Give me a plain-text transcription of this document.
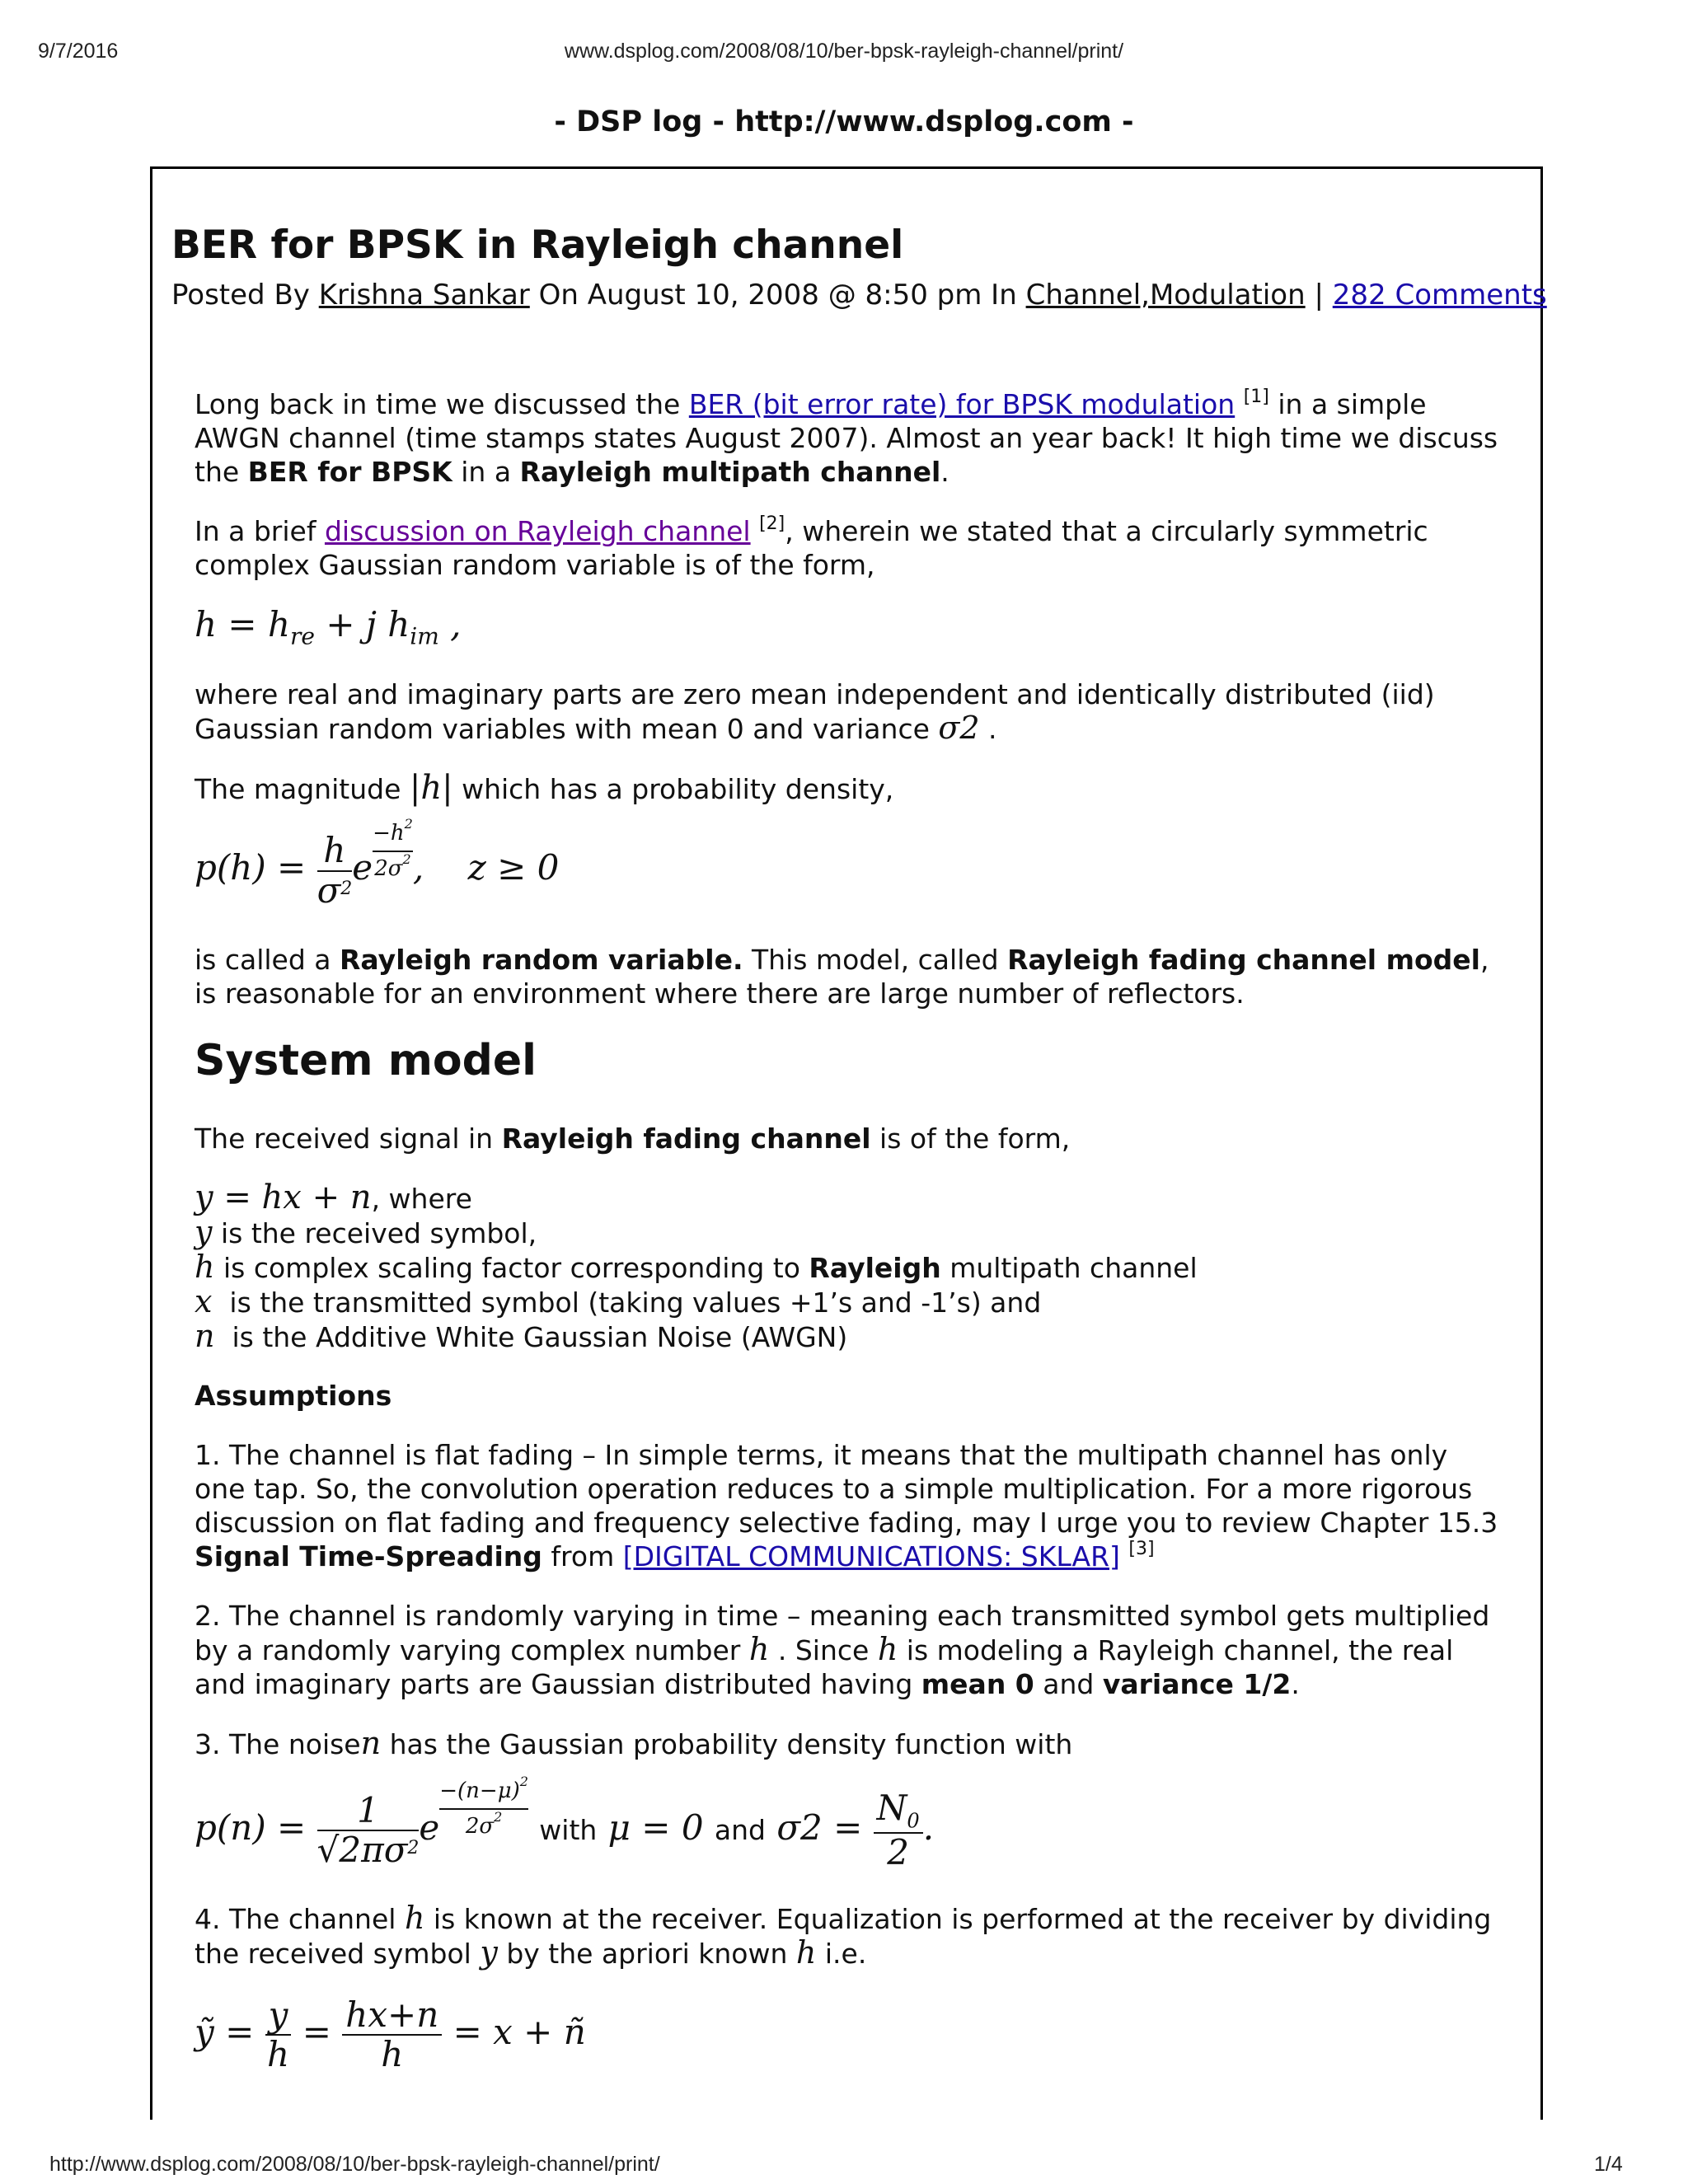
9/7/2016	www.dsplog.com/2008/08/10/ber-bpsk-rayleigh-channel/print/
- DSP log - http://www.dsplog.com -
BER for BPSK in Rayleigh channel
Posted By Krishna Sankar On August 10, 2008 @ 8:50 pm In Channel,Modulation | 282 Comments

Long back in time we discussed the BER (bit error rate) for BPSK modulation [1] in a simple AWGN channel (time stamps states August 2007). Almost an year back! It high time we discuss the BER for BPSK in a Rayleigh multipath channel.

In a brief discussion on Rayleigh channel [2], wherein we stated that a circularly symmetric complex Gaussian random variable is of the form,

$h = h_{re} + j$ $h_{im}$ ,

where real and imaginary parts are zero mean independent and identically distributed (iid) Gaussian random variables with mean 0 and variance σ2 .

The magnitude |h| which has a probability density,

$p(h) = \frac{h}{\sigma^2}$ e $\frac{-h^2}{2\sigma^2}$ ,    z ≥ 0

is called a Rayleigh random variable. This model, called Rayleigh fading channel model, is reasonable for an environment where there are large number of reflectors.

System model

The received signal in Rayleigh fading channel is of the form,

y = hx + n, where
y is the received symbol,
h is complex scaling factor corresponding to Rayleigh multipath channel
x is the transmitted symbol (taking values +1’s and -1’s) and
n is the Additive White Gaussian Noise (AWGN)

Assumptions

1. The channel is flat fading – In simple terms, it means that the multipath channel has only one tap. So, the convolution operation reduces to a simple multiplication. For a more rigorous discussion on flat fading and frequency selective fading, may I urge you to review Chapter 15.3 Signal Time-Spreading from [DIGITAL COMMUNICATIONS: SKLAR] [3]

2. The channel is randomly varying in time – meaning each transmitted symbol gets multiplied by a randomly varying complex number h . Since h is modeling a Rayleigh channel, the real and imaginary parts are Gaussian distributed having mean 0 and variance 1/2.

3. The noisen has the Gaussian probability density function with

$p(n) = \frac{1}{√2\pi\sigma^2}$ e $\frac{-(n-\mu)^2}{2\sigma^2}$ with μ = 0 and $\sigma 2 = \frac{N_0}{2}$ .

4. The channel h is known at the receiver. Equalization is performed at the receiver by dividing the received symbol y by the apriori known h i.e.

ỹ = $\frac{y}{h} = \frac{hx+n}{h} = x$ + ñ
http://www.dsplog.com/2008/08/10/ber-bpsk-rayleigh-channel/print/	1/4
